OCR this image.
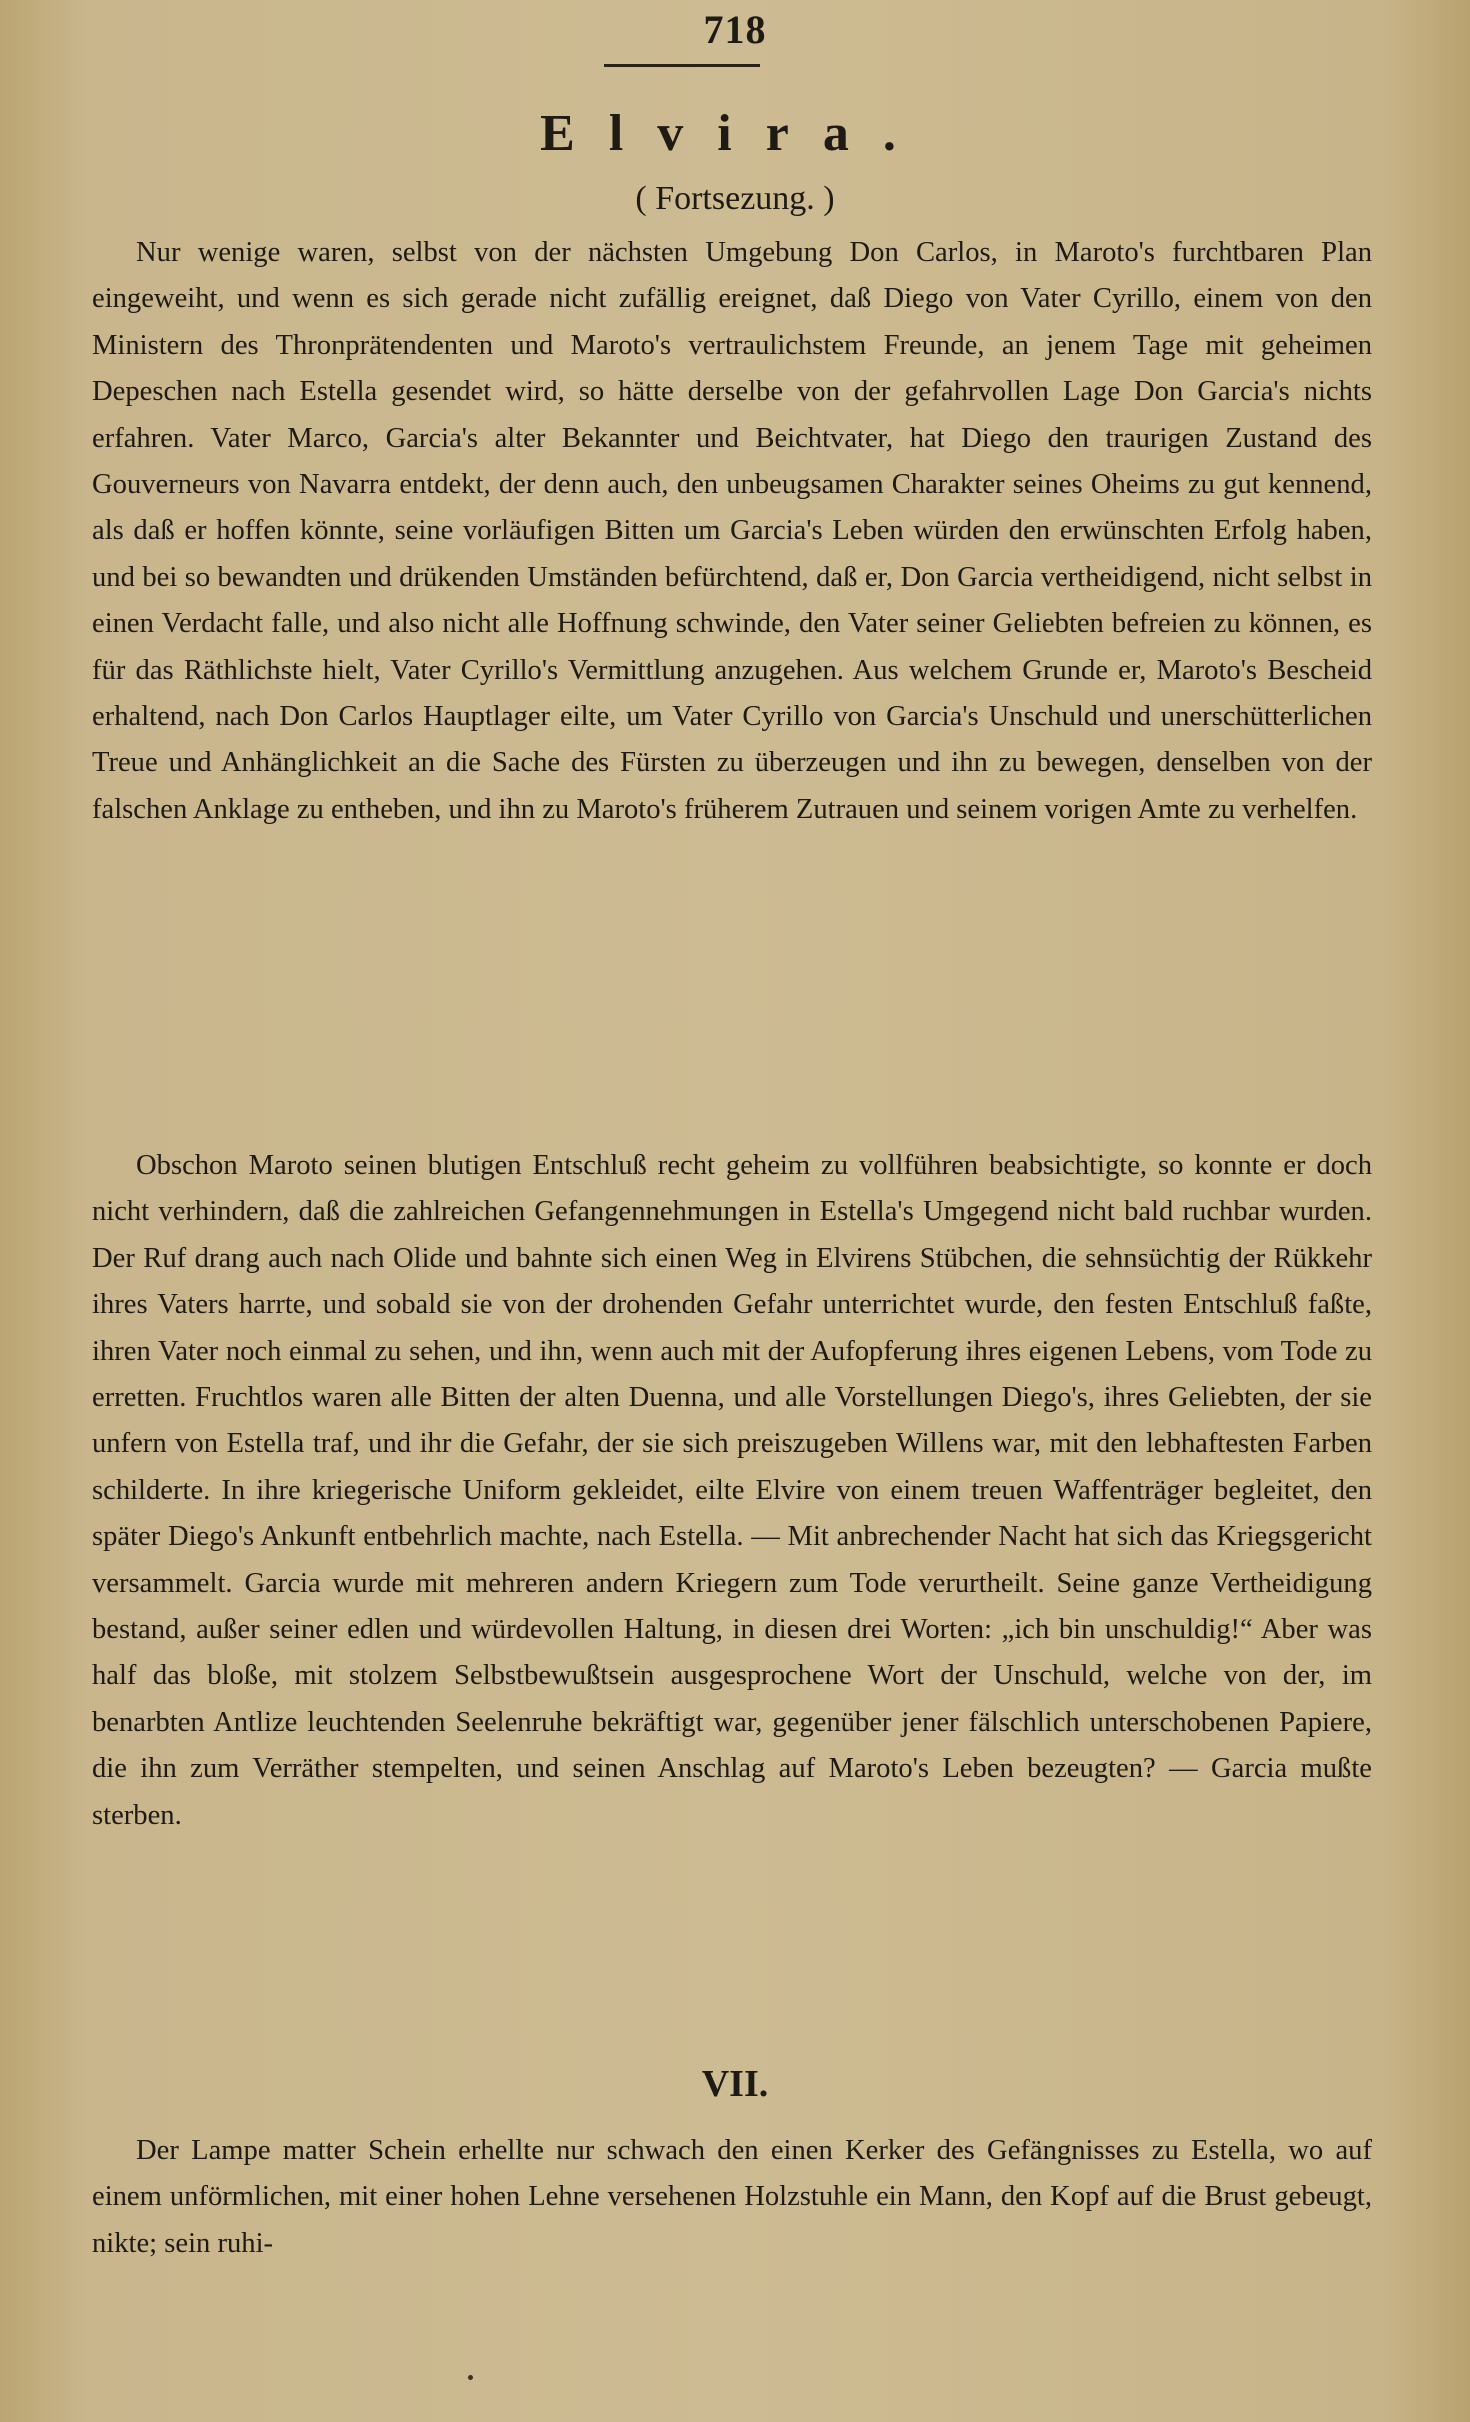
718
Elvira.
( Fortsezung. )

Nur wenige waren, selbst von der nächsten Umgebung Don Carlos, in Maroto's furchtbaren Plan eingeweiht, und wenn es sich gerade nicht zufällig ereignet, daß Diego von Vater Cyrillo, einem von den Ministern des Thronprätendenten und Maroto's vertraulichstem Freunde, an jenem Tage mit geheimen Depeschen nach Estella gesendet wird, so hätte derselbe von der gefahrvollen Lage Don Garcia's nichts erfahren. Vater Marco, Garcia's alter Bekannter und Beichtvater, hat Diego den traurigen Zustand des Gouverneurs von Navarra entdekt, der denn auch, den unbeugsamen Charakter seines Oheims zu gut kennend, als daß er hoffen könnte, seine vorläufigen Bitten um Garcia's Leben würden den erwünschten Erfolg haben, und bei so bewandten und drükenden Umständen befürchtend, daß er, Don Garcia vertheidigend, nicht selbst in einen Verdacht falle, und also nicht alle Hoffnung schwinde, den Vater seiner Geliebten befreien zu können, es für das Räthlichste hielt, Vater Cyrillo's Vermittlung anzugehen. Aus welchem Grunde er, Maroto's Bescheid erhaltend, nach Don Carlos Hauptlager eilte, um Vater Cyrillo von Garcia's Unschuld und unerschütterlichen Treue und Anhänglichkeit an die Sache des Fürsten zu überzeugen und ihn zu bewegen, denselben von der falschen Anklage zu entheben, und ihn zu Maroto's früherem Zutrauen und seinem vorigen Amte zu verhelfen.

Obschon Maroto seinen blutigen Entschluß recht geheim zu vollführen beabsichtigte, so konnte er doch nicht verhindern, daß die zahlreichen Gefangennehmungen in Estella's Umgegend nicht bald ruchbar wurden. Der Ruf drang auch nach Olide und bahnte sich einen Weg in Elvirens Stübchen, die sehnsüchtig der Rükkehr ihres Vaters harrte, und sobald sie von der drohenden Gefahr unterrichtet wurde, den festen Entschluß faßte, ihren Vater noch einmal zu sehen, und ihn, wenn auch mit der Aufopferung ihres eigenen Lebens, vom Tode zu erretten. Fruchtlos waren alle Bitten der alten Duenna, und alle Vorstellungen Diego's, ihres Geliebten, der sie unfern von Estella traf, und ihr die Gefahr, der sie sich preiszugeben Willens war, mit den lebhaftesten Farben schilderte. In ihre kriegerische Uniform gekleidet, eilte Elvire von einem treuen Waffenträger begleitet, den später Diego's Ankunft entbehrlich machte, nach Estella. — Mit anbrechender Nacht hat sich das Kriegsgericht versammelt. Garcia wurde mit mehreren andern Kriegern zum Tode verurtheilt. Seine ganze Vertheidigung bestand, außer seiner edlen und würdevollen Haltung, in diesen drei Worten: „ich bin unschuldig!“ Aber was half das bloße, mit stolzem Selbstbewußtsein ausgesprochene Wort der Unschuld, welche von der, im benarbten Antlize leuchtenden Seelenruhe bekräftigt war, gegenüber jener fälschlich unterschobenen Papiere, die ihn zum Verräther stempelten, und seinen Anschlag auf Maroto's Leben bezeugten? — Garcia mußte sterben.

VII.

Der Lampe matter Schein erhellte nur schwach den einen Kerker des Gefängnisses zu Estella, wo auf einem unförmlichen, mit einer hohen Lehne versehenen Holzstuhle ein Mann, den Kopf auf die Brust gebeugt, nikte; sein ruhi-
